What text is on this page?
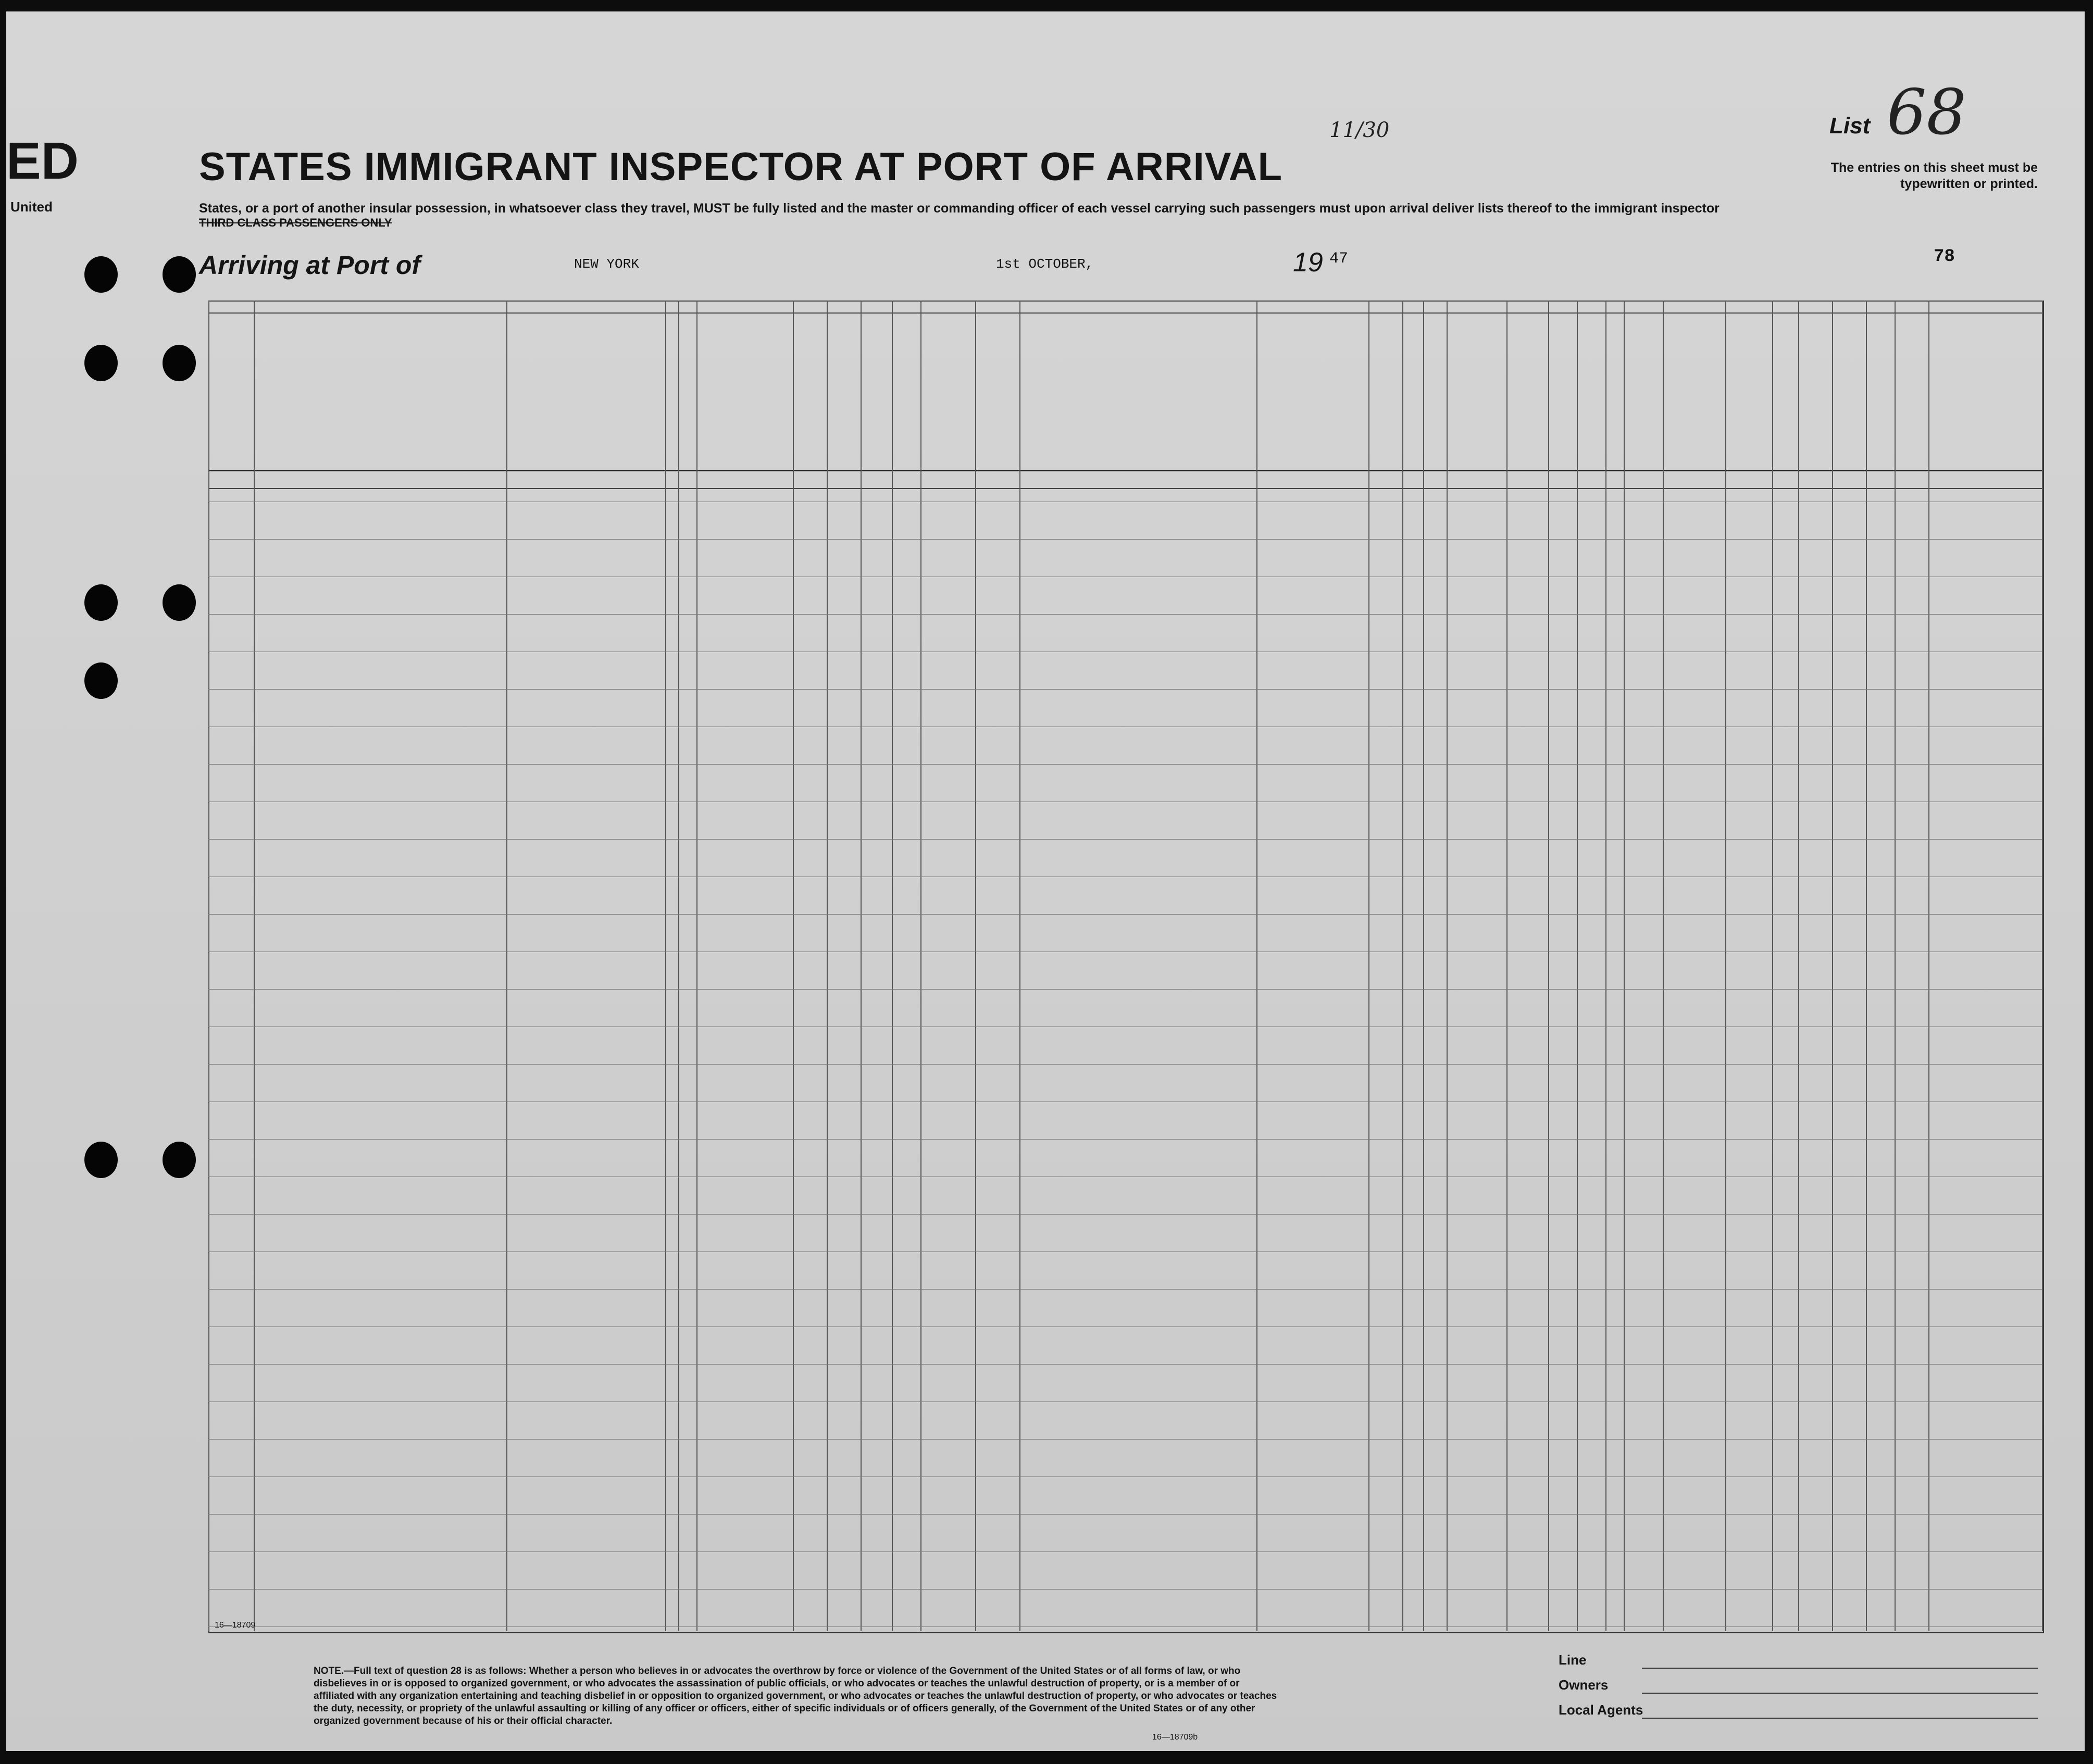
ED
United
STATES IMMIGRANT INSPECTOR AT PORT OF ARRIVAL
11/30	List 68
The entries on this sheet must be typewritten or printed.
States, or a port of another insular possession, in whatsoever class they travel, MUST be fully listed and the master or commanding officer of each vessel carrying such passengers must upon arrival deliver lists thereof to the immigrant inspector
THIRD CLASS PASSENGERS ONLY
Arriving at Port of	NEW YORK	1st OCTOBER,	19 47	78
NOTE.—Full text of question 28 is as follows: Whether a person who believes in or advocates the overthrow by force or violence of the Government of the United States or of all forms of law, or who disbelieves in or is opposed to organized government, or who advocates the assassination of public officials, or who advocates or teaches the unlawful destruction of property, or is a member of or affiliated with any organization entertaining and teaching disbelief in or opposition to organized government, or who advocates or teaches the unlawful destruction of property, or who advocates or teaches the duty, necessity, or propriety of the unlawful assaulting or killing of any officer or officers, either of specific individuals or of officers generally, of the Government of the United States or of any other organized government because of his or their official character.
16—18709
16—18709b
Line
Owners
Local Agents
